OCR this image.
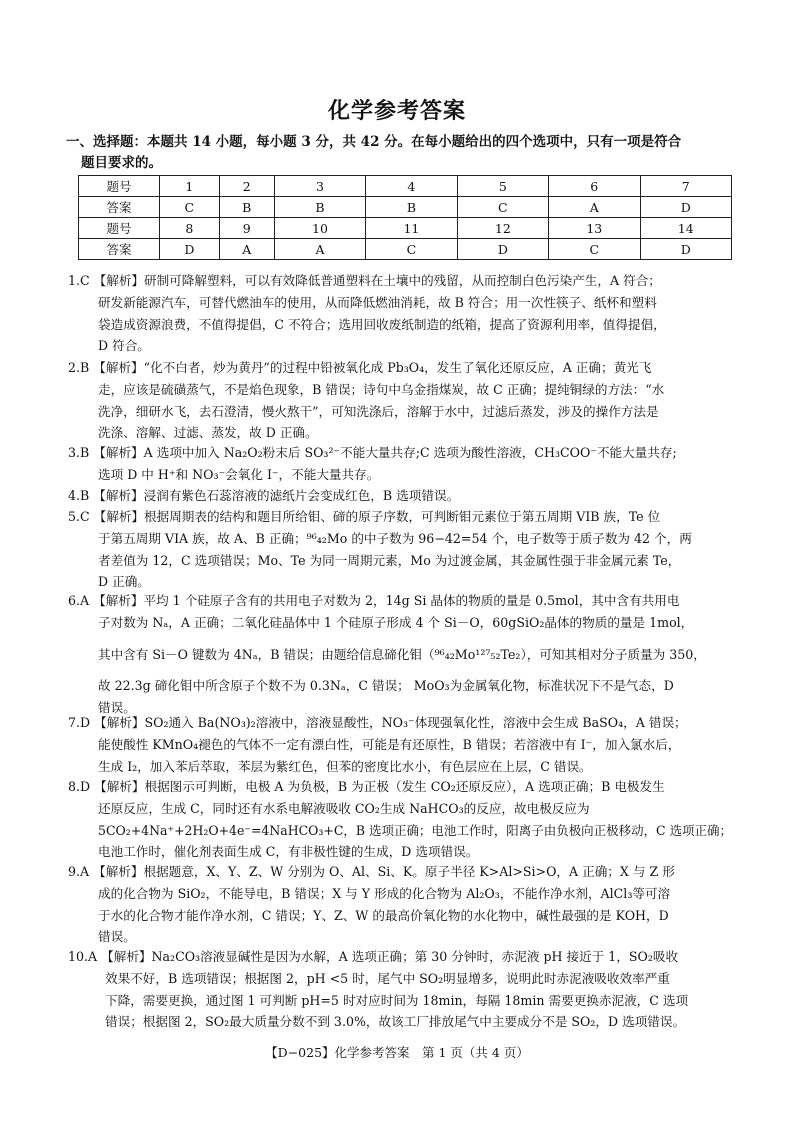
化学参考答案
一、选择题：本题共 14 小题，每小题 3 分，共 42 分。在每小题给出的四个选项中，只有一项是符合
题目要求的。
题号	1	2	3	4	5	6	7
答案	C	B	B	B	C	A	D
题号	8	9	10	11	12	13	14
答案	D	A	A	C	D	C	D
1.C 【解析】研制可降解塑料，可以有效降低普通塑料在土壤中的残留，从而控制白色污染产生，A 符合；
研发新能源汽车，可替代燃油车的使用，从而降低燃油消耗，故 B 符合；用一次性筷子、纸杯和塑料
袋造成资源浪费，不值得提倡，C 不符合；选用回收废纸制造的纸箱，提高了资源利用率，值得提倡，
D 符合。
2.B 【解析】“化不白者，炒为黄丹”的过程中铅被氧化成 Pb₃O₄，发生了氧化还原反应，A 正确；黄光飞
走，应该是硫磺蒸气，不是焰色现象，B 错误；诗句中乌金指煤炭，故 C 正确；提纯铜绿的方法：“水
洗净，细研水飞，去石澄清，慢火熬干”，可知洗涤后，溶解于水中，过滤后蒸发，涉及的操作方法是
洗涤、溶解、过滤、蒸发，故 D 正确。
3.B 【解析】A 选项中加入 Na₂O₂粉末后 SO₃²⁻不能大量共存;C 选项为酸性溶液，CH₃COO⁻不能大量共存;
选项 D 中 H⁺和 NO₃⁻会氧化 I⁻，不能大量共存。
4.B 【解析】浸润有紫色石蕊溶液的滤纸片会变成红色，B 选项错误。
5.C 【解析】根据周期表的结构和题目所给钼、碲的原子序数，可判断钼元素位于第五周期 VIB 族，Te 位
于第五周期 VIA 族，故 A、B 正确；⁹⁶₄₂Mo 的中子数为 96−42=54 个，电子数等于质子数为 42 个，两
者差值为 12，C 选项错误；Mo、Te 为同一周期元素，Mo 为过渡金属，其金属性强于非金属元素 Te，
D 正确。
6.A 【解析】平均 1 个硅原子含有的共用电子对数为 2，14g Si 晶体的物质的量是 0.5mol，其中含有共用电
子对数为 Nₐ，A 正确；二氧化硅晶体中 1 个硅原子形成 4 个 Si－O，60gSiO₂晶体的物质的量是 1mol，
其中含有 Si－O 键数为 4Nₐ，B 错误；由题给信息碲化钼（⁹⁶₄₂Mo¹²⁷₅₂Te₂），可知其相对分子质量为 350，
故 22.3g 碲化钼中所含原子个数不为 0.3Nₐ，C 错误； MoO₃为金属氧化物，标准状况下不是气态，D
错误。
7.D 【解析】SO₂通入 Ba(NO₃)₂溶液中，溶液显酸性，NO₃⁻体现强氧化性，溶液中会生成 BaSO₄，A 错误；
能使酸性 KMnO₄褪色的气体不一定有漂白性，可能是有还原性，B 错误；若溶液中有 I⁻，加入氯水后，
生成 I₂，加入苯后萃取，苯层为紫红色，但苯的密度比水小，有色层应在上层，C 错误。
8.D 【解析】根据图示可判断，电极 A 为负极，B 为正极（发生 CO₂还原反应），A 选项正确；B 电极发生
还原反应，生成 C，同时还有水系电解液吸收 CO₂生成 NaHCO₃的反应，故电极反应为
5CO₂+4Na⁺+2H₂O+4e⁻=4NaHCO₃+C，B 选项正确；电池工作时，阳离子由负极向正极移动，C 选项正确；
电池工作时，催化剂表面生成 C，有非极性键的生成，D 选项错误。
9.A 【解析】根据题意，X、Y、Z、W 分别为 O、Al、Si、K。原子半径 K>Al>Si>O，A 正确；X 与 Z 形
成的化合物为 SiO₂，不能导电，B 错误；X 与 Y 形成的化合物为 Al₂O₃，不能作净水剂，AlCl₃等可溶
于水的化合物才能作净水剂，C 错误；Y、Z、W 的最高价氧化物的水化物中，碱性最强的是 KOH，D
错误。
10.A 【解析】Na₂CO₃溶液显碱性是因为水解，A 选项正确；第 30 分钟时，赤泥液 pH 接近于 1，SO₂吸收
效果不好，B 选项错误；根据图 2，pH <5 时，尾气中 SO₂明显增多，说明此时赤泥液吸收效率严重
下降，需要更换，通过图 1 可判断 pH=5 时对应时间为 18min，每隔 18min 需要更换赤泥液，C 选项
错误；根据图 2，SO₂最大质量分数不到 3.0%，故该工厂排放尾气中主要成分不是 SO₂，D 选项错误。
【D−025】化学参考答案　第 1 页（共 4 页）
